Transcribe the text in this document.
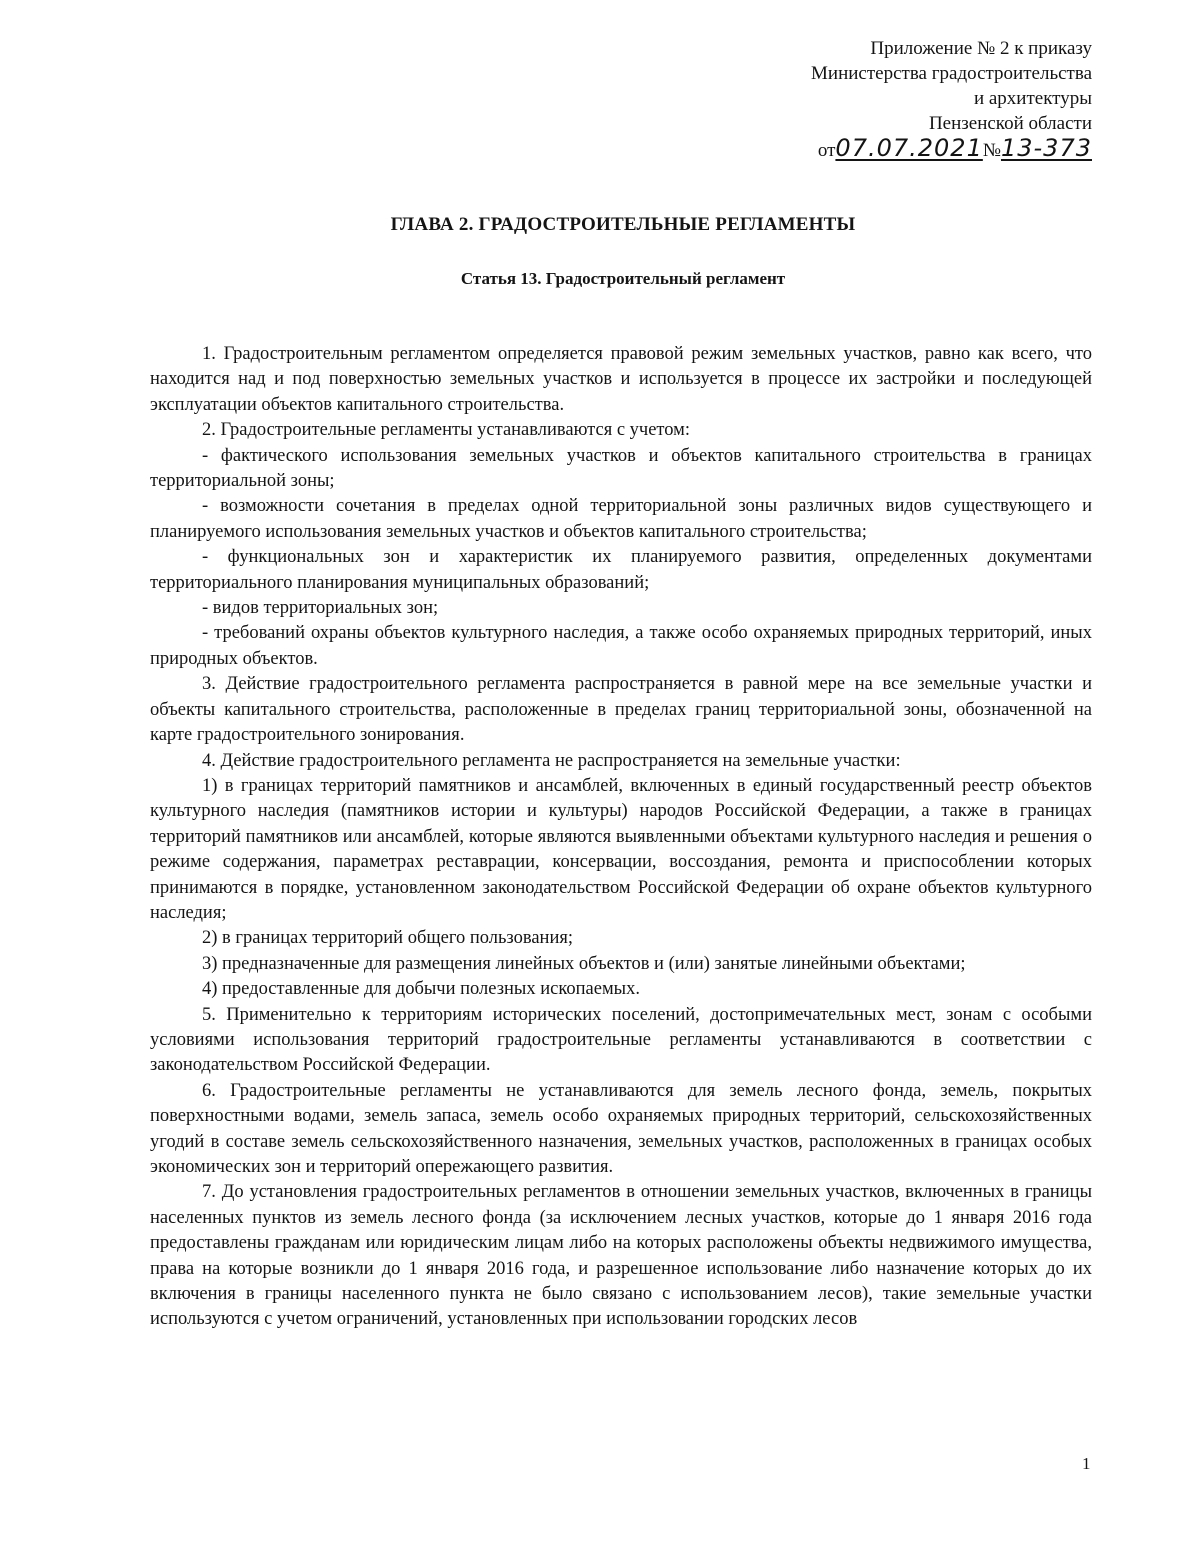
Приложение № 2 к приказу
Министерства градостроительства
и архитектуры
Пензенской области
от07.07.2021№13-373
ГЛАВА 2. ГРАДОСТРОИТЕЛЬНЫЕ РЕГЛАМЕНТЫ
Статья 13. Градостроительный регламент

1. Градостроительным регламентом определяется правовой режим земельных участков, равно как всего, что находится над и под поверхностью земельных участков и используется в процессе их застройки и последующей эксплуатации объектов капитального строительства.

2. Градостроительные регламенты устанавливаются с учетом:

- фактического использования земельных участков и объектов капитального строительства в границах территориальной зоны;

- возможности сочетания в пределах одной территориальной зоны различных видов существующего и планируемого использования земельных участков и объектов капитального строительства;

- функциональных зон и характеристик их планируемого развития, определенных документами территориального планирования муниципальных образований;

- видов территориальных зон;

- требований охраны объектов культурного наследия, а также особо охраняемых природных территорий, иных природных объектов.

3. Действие градостроительного регламента распространяется в равной мере на все земельные участки и объекты капитального строительства, расположенные в пределах границ территориальной зоны, обозначенной на карте градостроительного зонирования.

4. Действие градостроительного регламента не распространяется на земельные участки:

1) в границах территорий памятников и ансамблей, включенных в единый государственный реестр объектов культурного наследия (памятников истории и культуры) народов Российской Федерации, а также в границах территорий памятников или ансамблей, которые являются выявленными объектами культурного наследия и решения о режиме содержания, параметрах реставрации, консервации, воссоздания, ремонта и приспособлении которых принимаются в порядке, установленном законодательством Российской Федерации об охране объектов культурного наследия;

2) в границах территорий общего пользования;

3) предназначенные для размещения линейных объектов и (или) занятые линейными объектами;

4) предоставленные для добычи полезных ископаемых.

5. Применительно к территориям исторических поселений, достопримечательных мест, зонам с особыми условиями использования территорий градостроительные регламенты устанавливаются в соответствии с законодательством Российской Федерации.

6. Градостроительные регламенты не устанавливаются для земель лесного фонда, земель, покрытых поверхностными водами, земель запаса, земель особо охраняемых природных территорий, сельскохозяйственных угодий в составе земель сельскохозяйственного назначения, земельных участков, расположенных в границах особых экономических зон и территорий опережающего развития.

7. До установления градостроительных регламентов в отношении земельных участков, включенных в границы населенных пунктов из земель лесного фонда (за исключением лесных участков, которые до 1 января 2016 года предоставлены гражданам или юридическим лицам либо на которых расположены объекты недвижимого имущества, права на которые возникли до 1 января 2016 года, и разрешенное использование либо назначение которых до их включения в границы населенного пункта не было связано с использованием лесов), такие земельные участки используются с учетом ограничений, установленных при использовании городских лесов

1
